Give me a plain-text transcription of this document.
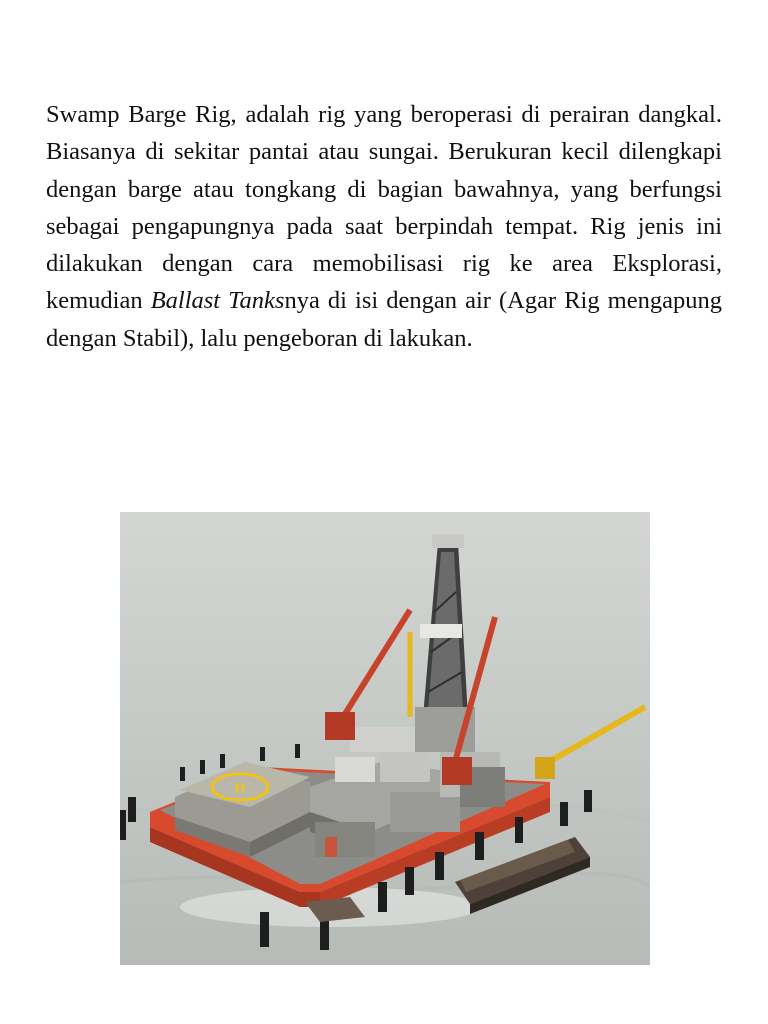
Swamp Barge Rig, adalah rig yang beroperasi di perairan dangkal. Biasanya di sekitar pantai atau sungai. Berukuran kecil dilengkapi dengan barge atau tongkang di bagian bawahnya, yang berfungsi sebagai pengapungnya pada saat berpindah tempat. Rig jenis ini dilakukan dengan cara memobilisasi rig ke area Eksplorasi, kemudian Ballast Tanksnya di isi dengan air (Agar Rig mengapung dengan Stabil), lalu pengeboran di lakukan.

H
